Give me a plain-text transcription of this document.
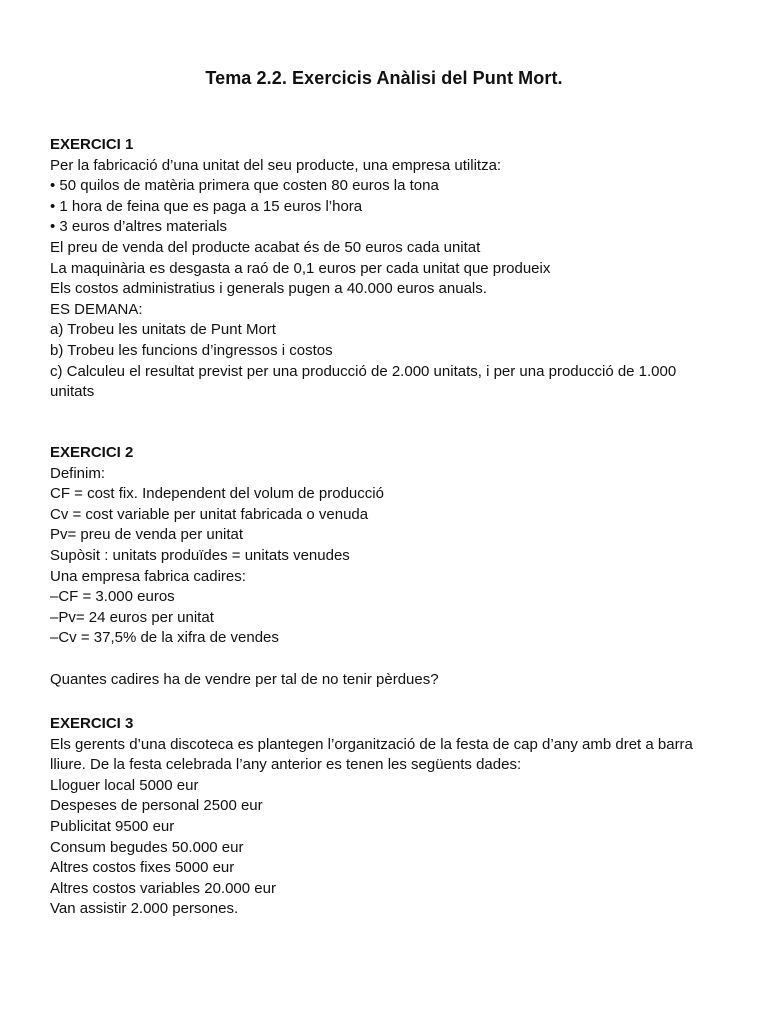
Tema 2.2. Exercicis Anàlisi del Punt Mort.
EXERCICI 1
Per la fabricació d’una unitat del seu producte, una empresa utilitza:
• 50 quilos de matèria primera que costen 80 euros la tona
• 1 hora de feina que es paga a 15 euros l’hora
• 3 euros d’altres materials
El preu de venda del producte acabat és de 50 euros cada unitat
La maquinària es desgasta a raó de 0,1 euros per cada unitat que produeix
Els costos administratius i generals pugen a 40.000 euros anuals.
ES DEMANA:
a) Trobeu les unitats de Punt Mort
b) Trobeu les funcions d’ingressos i costos
c) Calculeu el resultat previst per una producció de 2.000 unitats, i per una producció de 1.000
unitats
EXERCICI 2
Definim:
CF = cost fix. Independent del volum de producció
Cv = cost variable per unitat fabricada o venuda
Pv= preu de venda per unitat
Supòsit : unitats produïdes = unitats venudes
Una empresa fabrica cadires:
–CF = 3.000 euros
–Pv= 24 euros per unitat
–Cv = 37,5% de la xifra de vendes
Quantes cadires ha de vendre per tal de no tenir pèrdues?
EXERCICI 3
Els gerents d’una discoteca es plantegen l’organització de la festa de cap d’any amb dret a barra
lliure. De la festa celebrada l’any anterior es tenen les següents dades:
Lloguer local 5000 eur
Despeses de personal 2500 eur
Publicitat 9500 eur
Consum begudes 50.000 eur
Altres costos fixes 5000 eur
Altres costos variables 20.000 eur
Van assistir 2.000 persones.
